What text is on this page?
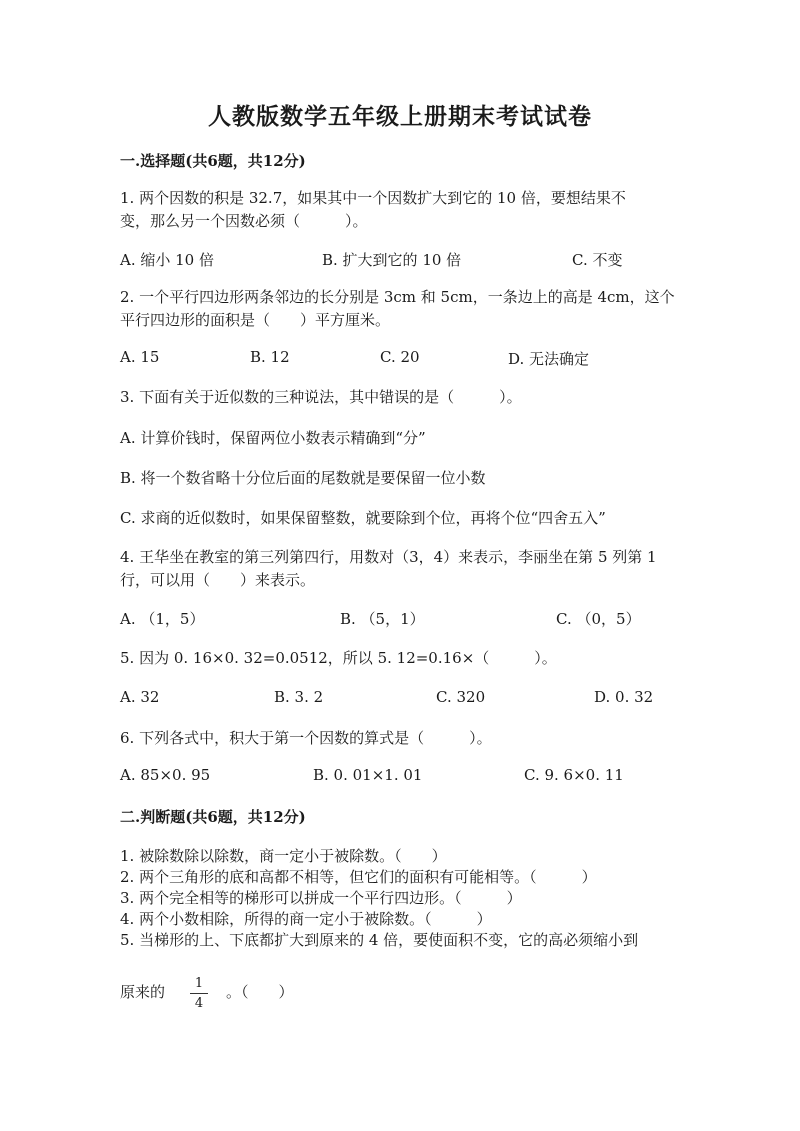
人教版数学五年级上册期末考试试卷
一.选择题(共6题，共12分)
1. 两个因数的积是 32.7，如果其中一个因数扩大到它的 10 倍，要想结果不
变，那么另一个因数必须（　　　）。
A. 缩小 10 倍	B. 扩大到它的 10 倍	C. 不变
2. 一个平行四边形两条邻边的长分别是 3cm 和 5cm，一条边上的高是 4cm，这个
平行四边形的面积是（　　）平方厘米。
A. 15	B. 12	C. 20	D. 无法确定
3. 下面有关于近似数的三种说法，其中错误的是（　　　）。
A. 计算价钱时，保留两位小数表示精确到“分”
B. 将一个数省略十分位后面的尾数就是要保留一位小数
C. 求商的近似数时，如果保留整数，就要除到个位，再将个位“四舍五入”
4. 王华坐在教室的第三列第四行，用数对（3，4）来表示，李丽坐在第 5 列第 1
行，可以用（　　）来表示。
A. （1，5）	B. （5，1）	C. （0，5）
5. 因为 0. 16×0. 32=0.0512，所以 5. 12=0.16×（　　　）。
A. 32	B. 3. 2	C. 320	D. 0. 32
6. 下列各式中，积大于第一个因数的算式是（　　　）。
A. 85×0. 95	B. 0. 01×1. 01	C. 9. 6×0. 11
二.判断题(共6题，共12分)
1. 被除数除以除数，商一定小于被除数。（　　）
2. 两个三角形的底和高都不相等，但它们的面积有可能相等。（　　　）
3. 两个完全相等的梯形可以拼成一个平行四边形。（　　　）
4. 两个小数相除，所得的商一定小于被除数。（　　　）
5. 当梯形的上、下底都扩大到原来的 4 倍，要使面积不变，它的高必须缩小到
原来的	1
4
。（　　）
